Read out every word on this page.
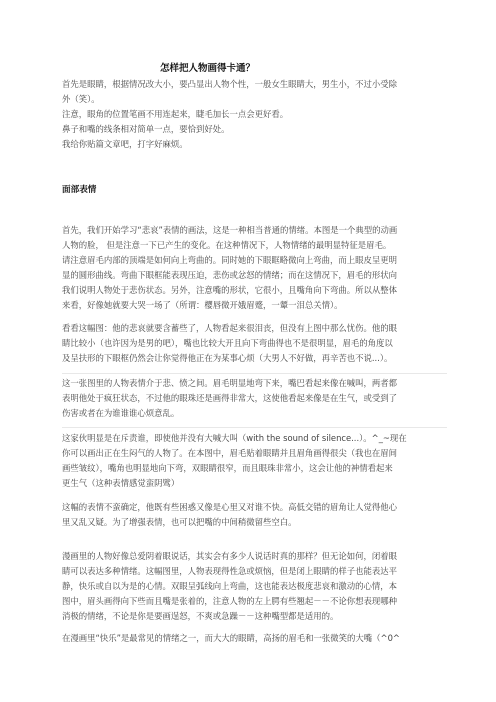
怎样把人物画得卡通？
首先是眼睛，根据情况改大小，要凸显出人物个性，一般女生眼睛大，男生小，不过小受除
外（笑）。
注意，眼角的位置笔画不用连起来，睫毛加长一点会更好看。
鼻子和嘴的线条相对简单一点，要恰到好处。
我给你贴篇文章吧，打字好麻烦。
面部表情
首先，我们开始学习“悲哀”表情的画法，这是一种相当普通的情绪。本图是一个典型的动画
人物的脸， 但是注意一下已产生的变化。在这种情况下，人物情绪的最明显特征是眉毛。
请注意眉毛内部的顶端是如何向上弯曲的。同时她的下眼眶略微向上弯曲，而上眼皮呈更明
显的圆形曲线。弯曲下眼框能表现压迫，悲伤或忿怒的情绪；而在这情况下，眉毛的形状向
我们说明人物处于悲伤状态。另外，注意嘴的形状，它很小，且嘴角向下弯曲。所以从整体
来看，好像她就要大哭一场了（所谓：樱唇微开娥眉蹙，一颦一泪总关情）。
看看这幅图：他的悲哀就要含蓄些了，人物看起来很泪丧，但没有上图中那么忧伤。他的眼
睛比较小（也许因为是男的吧），嘴也比较大开且向下弯曲得也不是很明显，眉毛的角度以
及呈扶形的下眼框仍然会让你觉得他正在为某事心烦（大男人不好做，再辛苦也不说...）。
这一张图里的人物表情介于悲、愤之间。眉毛明显地弯下来，嘴巴看起来像在喊叫，两者都
表明他处于疯狂状态，不过他的眼珠还是画得非常大，这使他看起来像是在生气，或受到了
伤害或者在为谁谁谁心烦意乱。
这家伙明显是在斥责谁，即使他并没有大喊大叫（with the sound of silence...）。^_~现在
你可以画出正在生闷气的人物了。在本图中，眉毛贴着眼睛并且眉角画得很尖（我也在眉间
画些皱纹），嘴角也明显地向下弯，双眼睛很窄，而且眼珠非常小，这会让他的神情看起来
更生气（这种表情感觉蛮阴骘）
这幅的表情不蛮确定，他既有些困惑又像是心里又对谁不快。高低交错的眉角让人觉得他心
里又乱又疑。为了增强表情，也可以把嘴的中间稍微留些空白。
漫画里的人物好像总爱阴着眼说话，其实会有多少人说话时真的那样？但无论如何，闭着眼
睛可以表达多种情绪。这幅图里，人物表现得性急或烦恼，但是闭上眼睛的样子也能表达平
静，快乐或自以为是的心情。双眼呈弧线向上弯曲，这也能表达极度悲哀和激动的心情，本
图中，眉头画得向下些而且嘴是张着的，注意人物的左上腭有些翘起－－不论你想表现哪种
消极的情绪，不论是你是要画逞怒，不爽或急躁－－这种嘴型都是适用的。
在漫画里“快乐”是最常见的情绪之一，而大大的眼睛，高扬的眉毛和一张微笑的大嘴（^0^
